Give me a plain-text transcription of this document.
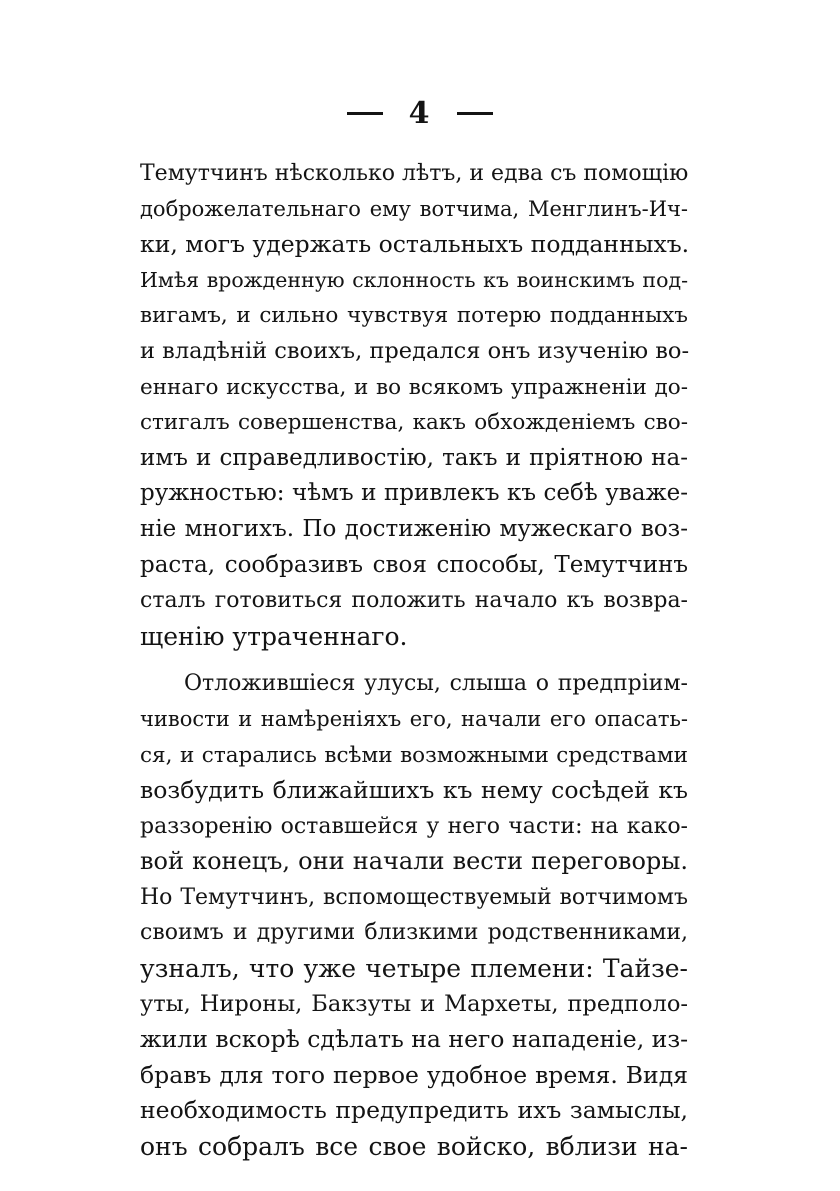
4
Темутчинъ нѣсколько лѣтъ, и едва съ помощію
доброжелательнаго ему вотчима, Менглинъ-Ич-
ки, могъ удержать остальныхъ подданныхъ.
Имѣя врожденную склонность къ воинскимъ под-
вигамъ, и сильно чувствуя потерю подданныхъ
и владѣній своихъ, предался онъ изученію во-
еннаго искусства, и во всякомъ упражненіи до-
стигалъ совершенства, какъ обхожденіемъ сво-
имъ и справедливостію, такъ и пріятною на-
ружностью: чѣмъ и привлекъ къ себѣ уваже-
ніе многихъ. По достиженію мужескаго воз-
раста, сообразивъ своя способы, Темутчинъ
сталъ готовиться положить начало къ возвра-
щенію утраченнаго.
Отложившіеся улусы, слыша о предпріим-
чивости и намѣреніяхъ его, начали его опасать-
ся, и старались всѣми возможными средствами
возбудить ближайшихъ къ нему сосѣдей къ
раззоренію оставшейся у него части: на како-
вой конецъ, они начали вести переговоры.
Но Темутчинъ, вспомоществуемый вотчимомъ
своимъ и другими близкими родственниками,
узналъ, что уже четыре племени: Тайзе-
уты, Нироны, Бакзуты и Мархеты, предполо-
жили вскорѣ сдѣлать на него нападеніе, из-
бравъ для того первое удобное время. Видя
необходимость предупредить ихъ замыслы,
онъ собралъ все свое войско, вблизи на-
